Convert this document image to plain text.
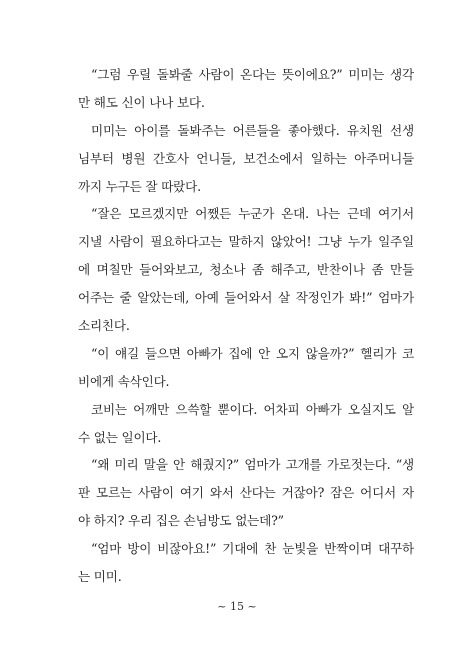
“그럼 우릴 돌봐줄 사람이 온다는 뜻이에요?” 미미는 생각
만 해도 신이 나나 보다.
미미는 아이를 돌봐주는 어른들을 좋아했다. 유치원 선생
님부터 병원 간호사 언니들, 보건소에서 일하는 아주머니들
까지 누구든 잘 따랐다.
“잘은 모르겠지만 어쨌든 누군가 온대. 나는 근데 여기서
지낼 사람이 필요하다고는 말하지 않았어! 그냥 누가 일주일
에 며칠만 들어와보고, 청소나 좀 해주고, 반찬이나 좀 만들
어주는 줄 알았는데, 아예 들어와서 살 작정인가 봐!” 엄마가
소리친다.
“이 얘길 들으면 아빠가 집에 안 오지 않을까?” 헬리가 코
비에게 속삭인다.
코비는 어깨만 으쓱할 뿐이다. 어차피 아빠가 오실지도 알
수 없는 일이다.
“왜 미리 말을 안 해줬지?” 엄마가 고개를 가로젓는다. “생
판 모르는 사람이 여기 와서 산다는 거잖아? 잠은 어디서 자
야 하지? 우리 집은 손님방도 없는데?”
“엄마 방이 비잖아요!” 기대에 찬 눈빛을 반짝이며 대꾸하
는 미미.
~ 15 ~
